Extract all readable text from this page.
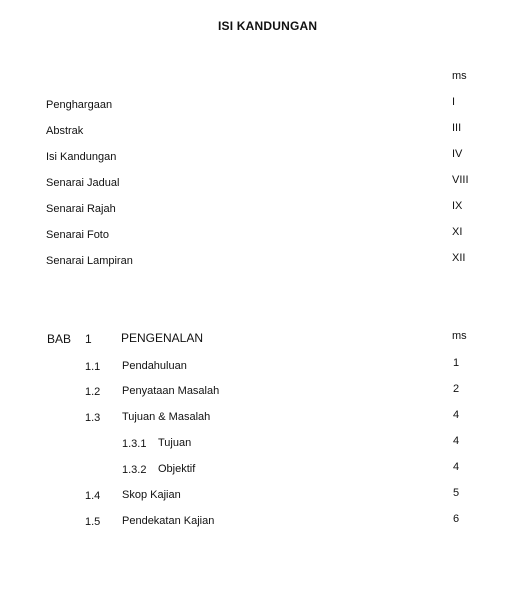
ISI KANDUNGAN
ms
Penghargaan	I
Abstrak	III
Isi Kandungan	IV
Senarai Jadual	VIII
Senarai Rajah	IX
Senarai Foto	XI
Senarai Lampiran	XII
BAB 1 PENGENALAN	ms
1.1 Pendahuluan	1
1.2 Penyataan Masalah	2
1.3 Tujuan & Masalah	4
1.3.1 Tujuan	4
1.3.2 Objektif	4
1.4 Skop Kajian	5
1.5 Pendekatan Kajian	6
